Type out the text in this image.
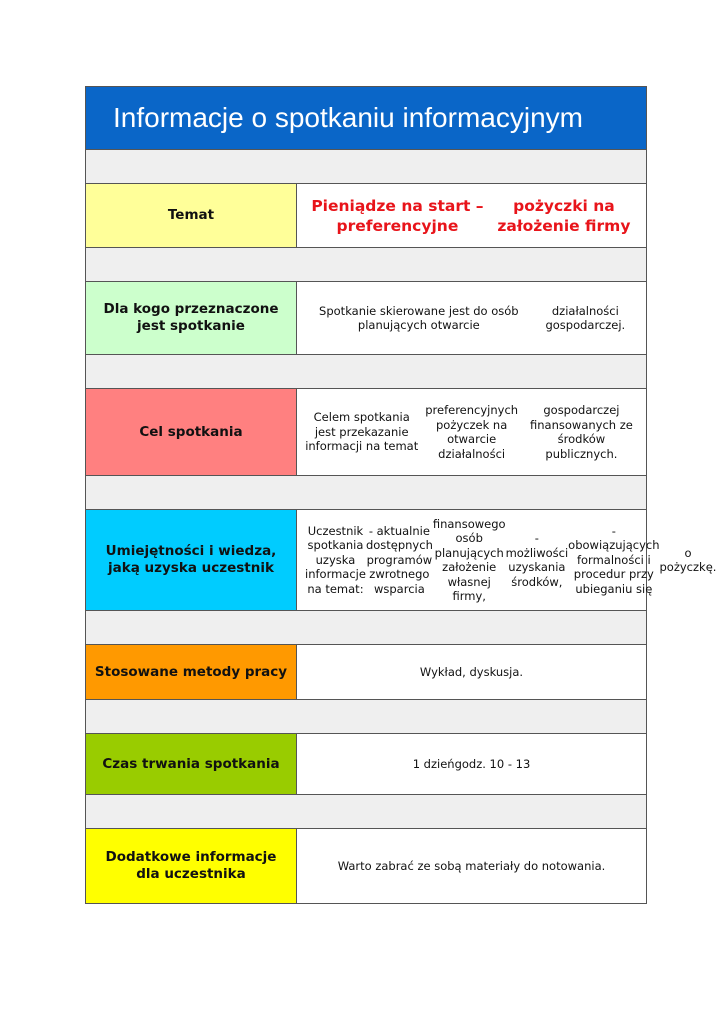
Informacje o spotkaniu informacyjnym
Temat
Pieniądze na start – preferencyjne
pożyczki na założenie firmy
Dla kogo przeznaczone jest spotkanie
Spotkanie skierowane jest do osób planujących otwarcie
działalności gospodarczej.
Cel spotkania
Celem spotkania jest przekazanie informacji na temat
preferencyjnych pożyczek na otwarcie działalności
gospodarczej finansowanych ze środków publicznych.
Umiejętności i wiedza, jaką uzyska uczestnik
Uczestnik spotkania uzyska informacje na temat:
- aktualnie dostępnych programów zwrotnego wsparcia
finansowego osób planujących założenie własnej firmy,
- możliwości uzyskania środków,
- obowiązujących formalności i procedur przy ubieganiu się
o pożyczkę.
Stosowane metody pracy	Wykład, dyskusja.
Czas trwania spotkania	1 dzień godz. 10 - 13
Dodatkowe informacje dla uczestnika
Warto zabrać ze sobą materiały do notowania.
